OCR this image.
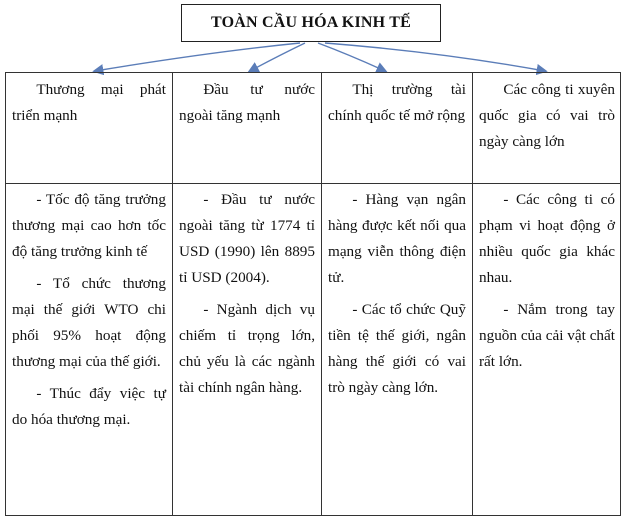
TOÀN CẦU HÓA KINH TẾ

Thương mại phát triển mạnh

Đầu tư nước ngoài tăng mạnh

Thị trường tài chính quốc tế mở rộng

Các công ti xuyên quốc gia có vai trò ngày càng lớn

- Tốc độ tăng trưởng thương mại cao hơn tốc độ tăng trưởng kinh tế

- Tổ chức thương mại thế giới WTO chi phối 95% hoạt động thương mại của thế giới.

- Thúc đẩy việc tự do hóa thương mại.

- Đầu tư nước ngoài tăng từ 1774 tỉ USD (1990) lên 8895 tỉ USD (2004).

- Ngành dịch vụ chiếm tỉ trọng lớn, chủ yếu là các ngành tài chính ngân hàng.

- Hàng vạn ngân hàng được kết nối qua mạng viễn thông điện tử.

- Các tổ chức Quỹ tiền tệ thế giới, ngân hàng thế giới có vai trò ngày càng lớn.

- Các công ti có phạm vi hoạt động ở nhiều quốc gia khác nhau.

- Nắm trong tay nguồn của cải vật chất rất lớn.
